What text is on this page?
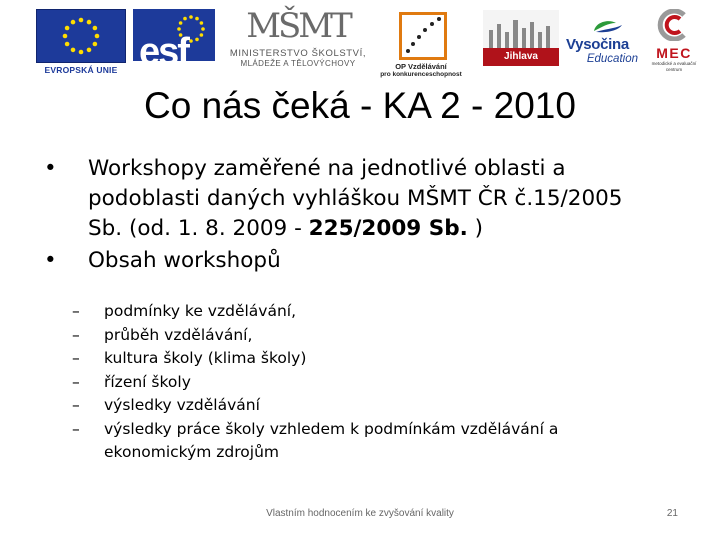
EVROPSKÁ UNIE esf
MŠMT
MINISTERSTVO ŠKOLSTVÍ,
MLÁDEŽE A TĚLOVÝCHOVY	OP Vzdělávání
pro konkurenceschopnost
Jihlava
Vysočina
Education	MEC
metodické a evaluační centrum
Co nás čeká - KA 2 - 2010
• Workshopy zaměřené na jednotlivé oblasti a
podoblasti daných vyhláškou MŠMT ČR č.15/2005
Sb. (od. 1. 8. 2009 - 225/2009 Sb. )
• Obsah workshopů
– podmínky ke vzdělávání,
– průběh vzdělávání,
– kultura školy (klima školy)
– řízení školy
– výsledky vzdělávání
– výsledky práce školy vzhledem k podmínkám vzdělávání a
ekonomickým zdrojům
Vlastním hodnocením ke zvyšování kvality	21
